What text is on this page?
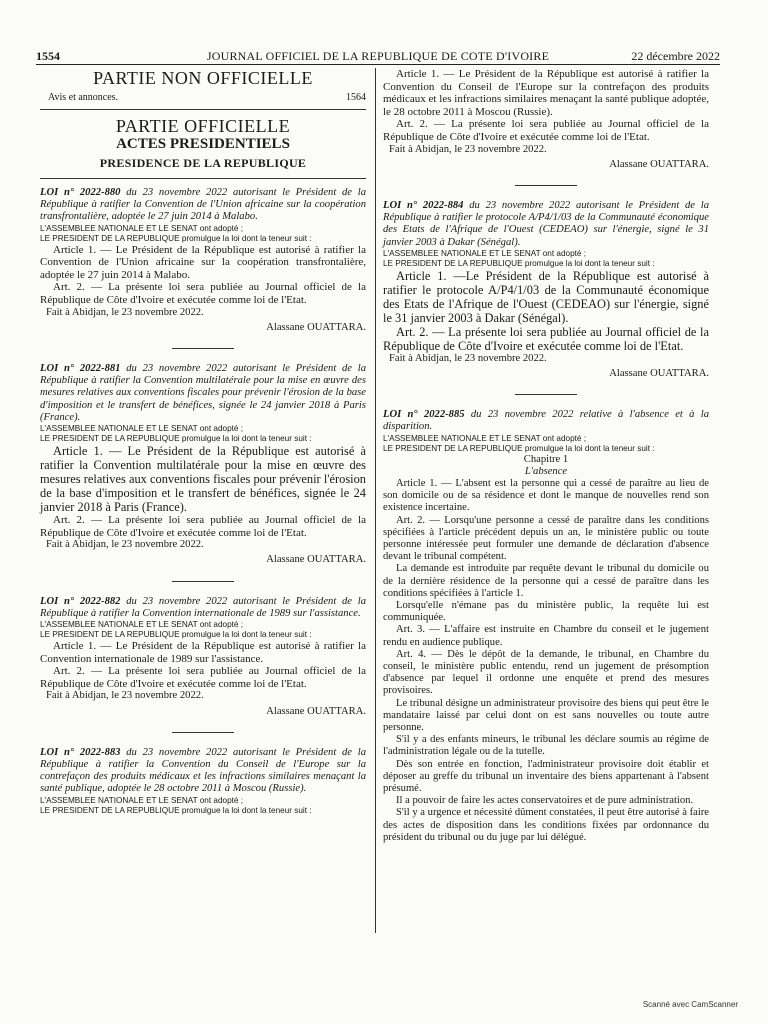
1554	JOURNAL OFFICIEL DE LA REPUBLIQUE DE COTE D'IVOIRE	22 décembre 2022
PARTIE NON OFFICIELLE
Avis et annonces.	1564
PARTIE OFFICIELLE
ACTES PRESIDENTIELS
PRESIDENCE DE LA REPUBLIQUE

LOI n° 2022-880 du 23 novembre 2022 autorisant le Président de la République à ratifier la Convention de l'Union africaine sur la coopération transfrontalière, adoptée le 27 juin 2014 à Malabo.

L'ASSEMBLEE NATIONALE ET LE SENAT ont adopté ;

LE PRESIDENT DE LA REPUBLIQUE promulgue la loi dont la teneur suit :

Article 1. — Le Président de la République est autorisé à ratifier la Convention de l'Union africaine sur la coopération transfrontalière, adoptée le 27 juin 2014 à Malabo.

Art. 2. — La présente loi sera publiée au Journal officiel de la République de Côte d'Ivoire et exécutée comme loi de l'Etat.

Fait à Abidjan, le 23 novembre 2022.

Alassane OUATTARA.

LOI n° 2022-881 du 23 novembre 2022 autorisant le Président de la République à ratifier la Convention multilatérale pour la mise en œuvre des mesures relatives aux conventions fiscales pour prévenir l'érosion de la base d'imposition et le transfert de bénéfices, signée le 24 janvier 2018 à Paris (France).

L'ASSEMBLEE NATIONALE ET LE SENAT ont adopté ;

LE PRESIDENT DE LA REPUBLIQUE promulgue la loi dont la teneur suit :

Article 1. — Le Président de la République est autorisé à ratifier la Convention multilatérale pour la mise en œuvre des mesures relatives aux conventions fiscales pour prévenir l'érosion de la base d'imposition et le transfert de bénéfices, signée le 24 janvier 2018 à Paris (France).

Art. 2. — La présente loi sera publiée au Journal officiel de la République de Côte d'Ivoire et exécutée comme loi de l'Etat.

Fait à Abidjan, le 23 novembre 2022.

Alassane OUATTARA.

LOI n° 2022-882 du 23 novembre 2022 autorisant le Président de la République à ratifier la Convention internationale de 1989 sur l'assistance.

L'ASSEMBLEE NATIONALE ET LE SENAT ont adopté ;

LE PRESIDENT DE LA REPUBLIQUE promulgue la loi dont la teneur suit :

Article 1. — Le Président de la République est autorisé à ratifier la Convention internationale de 1989 sur l'assistance.

Art. 2. — La présente loi sera publiée au Journal officiel de la République de Côte d'Ivoire et exécutée comme loi de l'Etat.

Fait à Abidjan, le 23 novembre 2022.

Alassane OUATTARA.

LOI n° 2022-883 du 23 novembre 2022 autorisant le Président de la République à ratifier la Convention du Conseil de l'Europe sur la contrefaçon des produits médicaux et les infractions similaires menaçant la santé publique, adoptée le 28 octobre 2011 à Moscou (Russie).

L'ASSEMBLEE NATIONALE ET LE SENAT ont adopté ;

LE PRESIDENT DE LA REPUBLIQUE promulgue la loi dont la teneur suit :

Article 1. — Le Président de la République est autorisé à ratifier la Convention du Conseil de l'Europe sur la contrefaçon des produits médicaux et les infractions similaires menaçant la santé publique adoptée, le 28 octobre 2011 à Moscou (Russie).

Art. 2. — La présente loi sera publiée au Journal officiel de la République de Côte d'Ivoire et exécutée comme loi de l'Etat.

Fait à Abidjan, le 23 novembre 2022.

Alassane OUATTARA.

LOI n° 2022-884 du 23 novembre 2022 autorisant le Président de la République à ratifier le protocole A/P4/1/03 de la Communauté économique des Etats de l'Afrique de l'Ouest (CEDEAO) sur l'énergie, signé le 31 janvier 2003 à Dakar (Sénégal).

L'ASSEMBLEE NATIONALE ET LE SENAT ont adopté ;

LE PRESIDENT DE LA REPUBLIQUE promulgue la loi dont la teneur suit :

Article 1. —Le Président de la République est autorisé à ratifier le protocole A/P4/1/03 de la Communauté économique des Etats de l'Afrique de l'Ouest (CEDEAO) sur l'énergie, signé le 31 janvier 2003 à Dakar (Sénégal).

Art. 2. — La présente loi sera publiée au Journal officiel de la République de Côte d'Ivoire et exécutée comme loi de l'Etat.

Fait à Abidjan, le 23 novembre 2022.

Alassane OUATTARA.

LOI n° 2022-885 du 23 novembre 2022 relative à l'absence et à la disparition.

L'ASSEMBLEE NATIONALE ET LE SENAT ont adopté ;

LE PRESIDENT DE LA REPUBLIQUE promulgue la loi dont la teneur suit :

Chapitre 1

L'absence

Article 1. — L'absent est la personne qui a cessé de paraître au lieu de son domicile ou de sa résidence et dont le manque de nouvelles rend son existence incertaine.

Art. 2. — Lorsqu'une personne a cessé de paraître dans les conditions spécifiées à l'article précédent depuis un an, le ministère public ou toute personne intéressée peut formuler une demande de déclaration d'absence devant le tribunal compétent.

La demande est introduite par requête devant le tribunal du domicile ou de la dernière résidence de la personne qui a cessé de paraître dans les conditions spécifiées à l'article 1.

Lorsqu'elle n'émane pas du ministère public, la requête lui est communiquée.

Art. 3. — L'affaire est instruite en Chambre du conseil et le jugement rendu en audience publique.

Art. 4. — Dès le dépôt de la demande, le tribunal, en Chambre du conseil, le ministère public entendu, rend un jugement de présomption d'absence par lequel il ordonne une enquête et prend des mesures provisoires.

Le tribunal désigne un administrateur provisoire des biens qui peut être le mandataire laissé par celui dont on est sans nouvelles ou toute autre personne.

S'il y a des enfants mineurs, le tribunal les déclare soumis au régime de l'administration légale ou de la tutelle.

Dès son entrée en fonction, l'administrateur provisoire doit établir et déposer au greffe du tribunal un inventaire des biens appartenant à l'absent présumé.

Il a pouvoir de faire les actes conservatoires et de pure administration.

S'il y a urgence et nécessité dûment constatées, il peut être autorisé à faire des actes de disposition dans les conditions fixées par ordonnance du président du tribunal ou du juge par lui délégué.

Scanné avec CamScanner
